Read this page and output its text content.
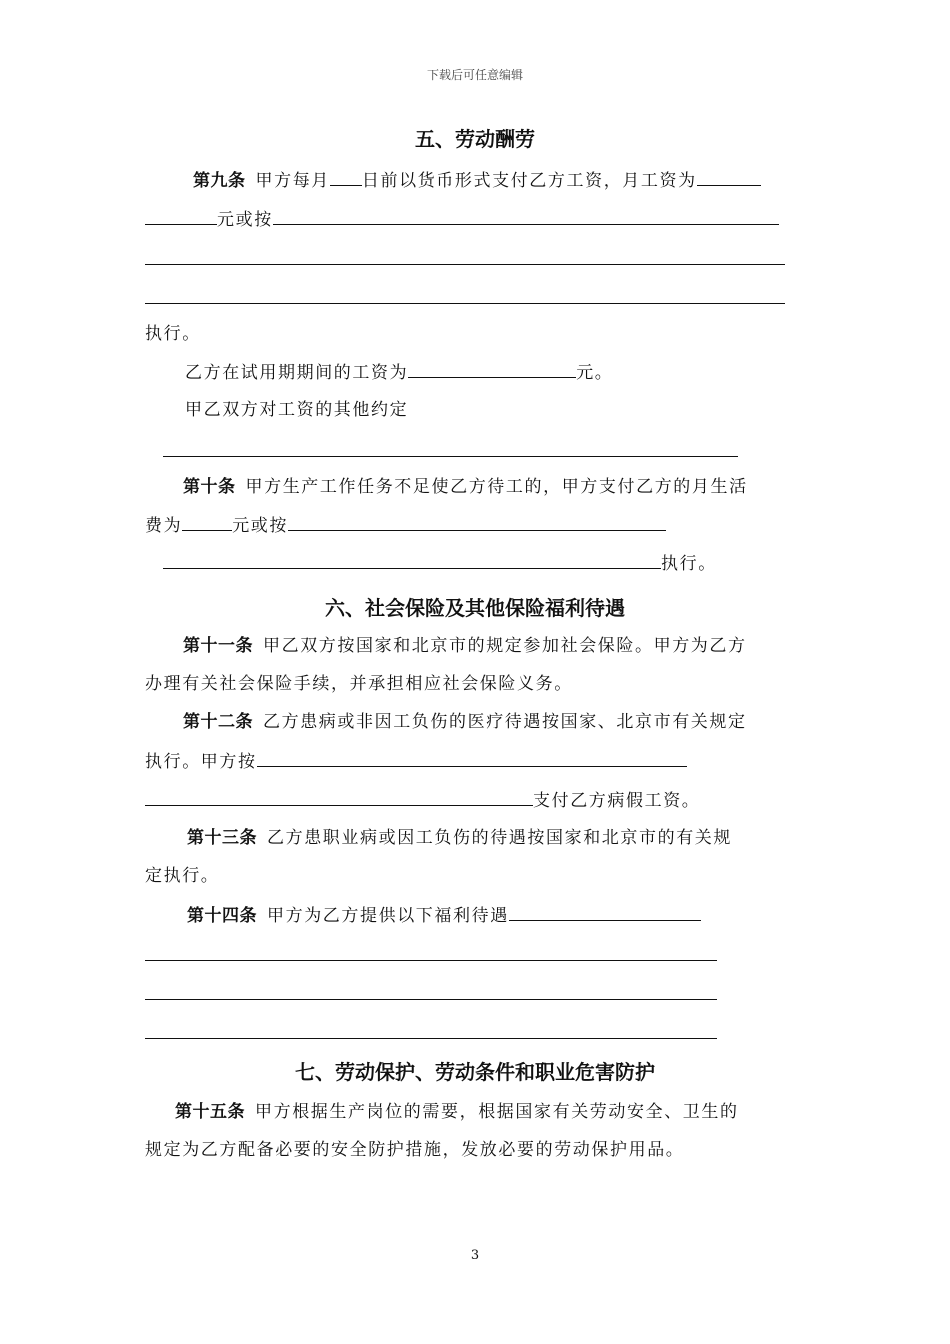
下载后可任意编辑
五、劳动酬劳
第九条 甲方每月 日前以货币形式支付乙方工资，月工资为
元或按
执行。
乙方在试用期期间的工资为	元。
甲乙双方对工资的其他约定
第十条 甲方生产工作任务不足使乙方待工的，甲方支付乙方的月生活
费为	元或按
执行。
六、社会保险及其他保险福利待遇
第十一条 甲乙双方按国家和北京市的规定参加社会保险。甲方为乙方
办理有关社会保险手续，并承担相应社会保险义务。
第十二条 乙方患病或非因工负伤的医疗待遇按国家、北京市有关规定
执行。甲方按
支付乙方病假工资。
第十三条 乙方患职业病或因工负伤的待遇按国家和北京市的有关规
定执行。
第十四条 甲方为乙方提供以下福利待遇
七、劳动保护、劳动条件和职业危害防护
第十五条 甲方根据生产岗位的需要，根据国家有关劳动安全、卫生的
规定为乙方配备必要的安全防护措施，发放必要的劳动保护用品。
3
